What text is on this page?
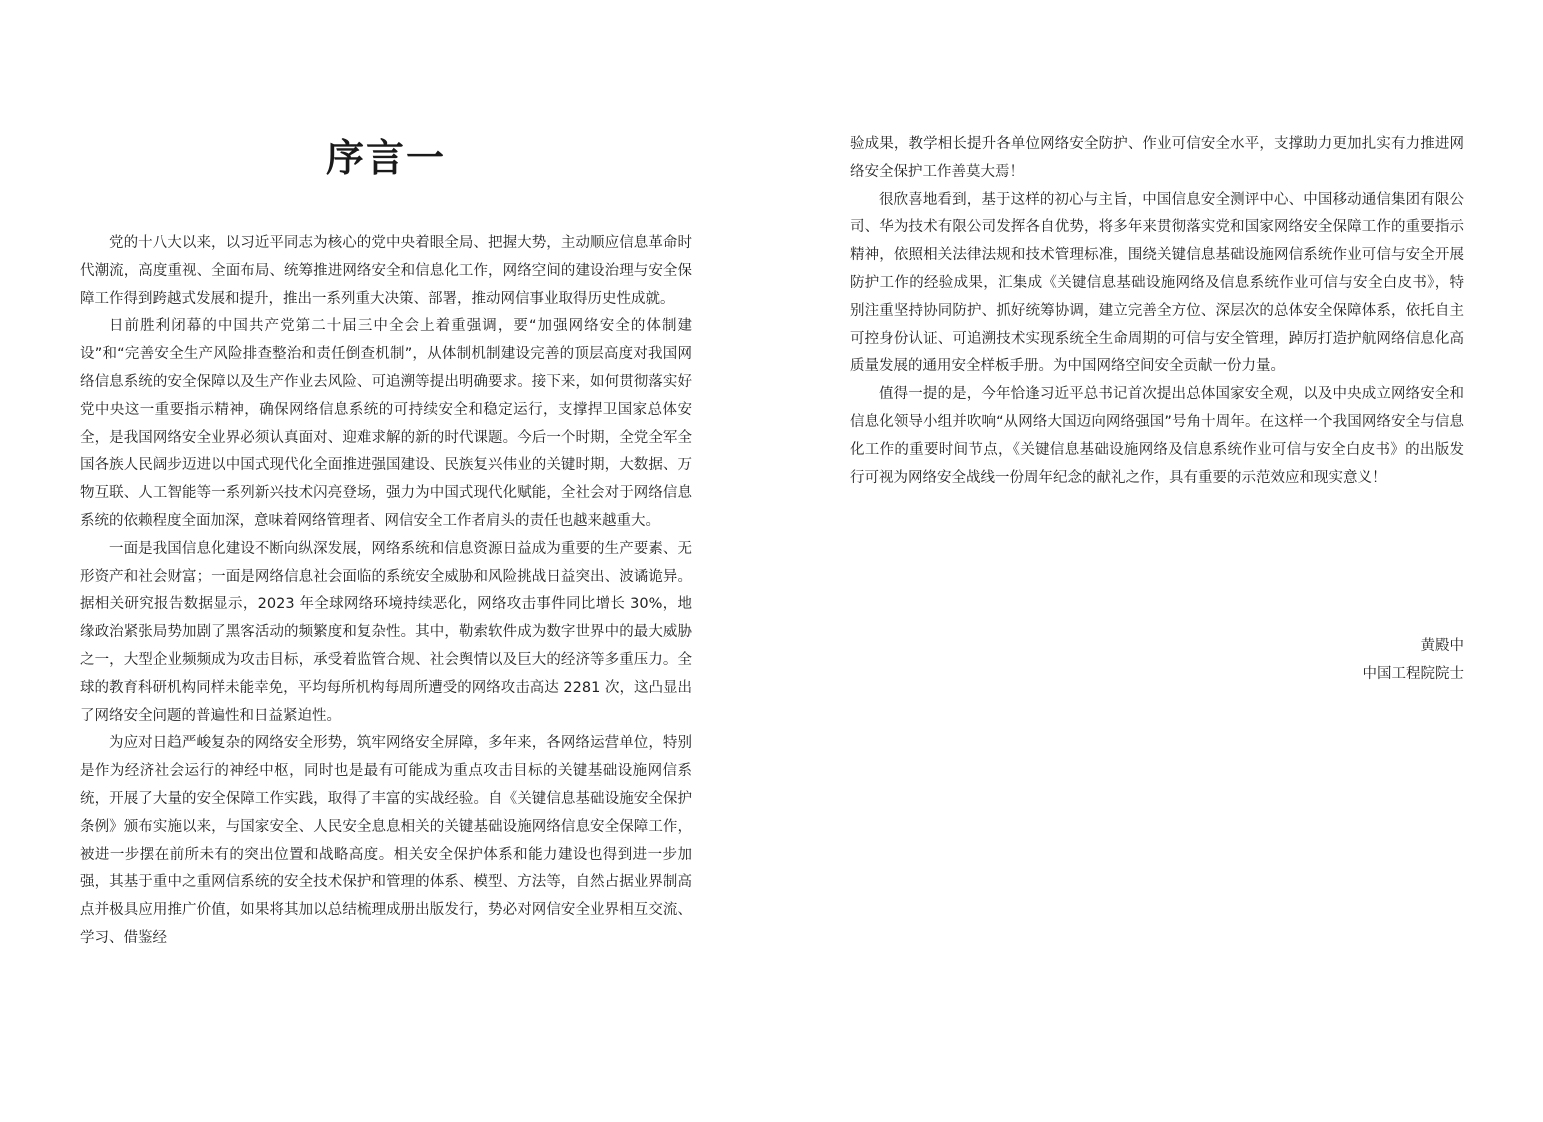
序言一

党的十八大以来，以习近平同志为核心的党中央着眼全局、把握大势，主动顺应信息革命时代潮流，高度重视、全面布局、统筹推进网络安全和信息化工作，网络空间的建设治理与安全保障工作得到跨越式发展和提升，推出一系列重大决策、部署，推动网信事业取得历史性成就。

日前胜利闭幕的中国共产党第二十届三中全会上着重强调，要“加强网络安全的体制建设”和“完善安全生产风险排查整治和责任倒查机制”，从体制机制建设完善的顶层高度对我国网络信息系统的安全保障以及生产作业去风险、可追溯等提出明确要求。接下来，如何贯彻落实好党中央这一重要指示精神，确保网络信息系统的可持续安全和稳定运行，支撑捍卫国家总体安全，是我国网络安全业界必须认真面对、迎难求解的新的时代课题。今后一个时期，全党全军全国各族人民阔步迈进以中国式现代化全面推进强国建设、民族复兴伟业的关键时期，大数据、万物互联、人工智能等一系列新兴技术闪亮登场，强力为中国式现代化赋能，全社会对于网络信息系统的依赖程度全面加深，意味着网络管理者、网信安全工作者肩头的责任也越来越重大。

一面是我国信息化建设不断向纵深发展，网络系统和信息资源日益成为重要的生产要素、无形资产和社会财富；一面是网络信息社会面临的系统安全威胁和风险挑战日益突出、波谲诡异。据相关研究报告数据显示，2023 年全球网络环境持续恶化，网络攻击事件同比增长 30%，地缘政治紧张局势加剧了黑客活动的频繁度和复杂性。其中，勒索软件成为数字世界中的最大威胁之一，大型企业频频成为攻击目标，承受着监管合规、社会舆情以及巨大的经济等多重压力。全球的教育科研机构同样未能幸免，平均每所机构每周所遭受的网络攻击高达 2281 次，这凸显出了网络安全问题的普遍性和日益紧迫性。

为应对日趋严峻复杂的网络安全形势，筑牢网络安全屏障，多年来，各网络运营单位，特别是作为经济社会运行的神经中枢，同时也是最有可能成为重点攻击目标的关键基础设施网信系统，开展了大量的安全保障工作实践，取得了丰富的实战经验。自《关键信息基础设施安全保护条例》颁布实施以来，与国家安全、人民安全息息相关的关键基础设施网络信息安全保障工作，被进一步摆在前所未有的突出位置和战略高度。相关安全保护体系和能力建设也得到进一步加强，其基于重中之重网信系统的安全技术保护和管理的体系、模型、方法等，自然占据业界制高点并极具应用推广价值，如果将其加以总结梳理成册出版发行，势必对网信安全业界相互交流、学习、借鉴经

验成果，教学相长提升各单位网络安全防护、作业可信安全水平，支撑助力更加扎实有力推进网络安全保护工作善莫大焉！

很欣喜地看到，基于这样的初心与主旨，中国信息安全测评中心、中国移动通信集团有限公司、华为技术有限公司发挥各自优势，将多年来贯彻落实党和国家网络安全保障工作的重要指示精神，依照相关法律法规和技术管理标准，围绕关键信息基础设施网信系统作业可信与安全开展防护工作的经验成果，汇集成《关键信息基础设施网络及信息系统作业可信与安全白皮书》，特别注重坚持协同防护、抓好统筹协调，建立完善全方位、深层次的总体安全保障体系，依托自主可控身份认证、可追溯技术实现系统全生命周期的可信与安全管理，踔厉打造护航网络信息化高质量发展的通用安全样板手册。为中国网络空间安全贡献一份力量。

值得一提的是，今年恰逢习近平总书记首次提出总体国家安全观，以及中央成立网络安全和信息化领导小组并吹响“从网络大国迈向网络强国”号角十周年。在这样一个我国网络安全与信息化工作的重要时间节点，《关键信息基础设施网络及信息系统作业可信与安全白皮书》的出版发行可视为网络安全战线一份周年纪念的献礼之作，具有重要的示范效应和现实意义！

黄殿中
中国工程院院士
